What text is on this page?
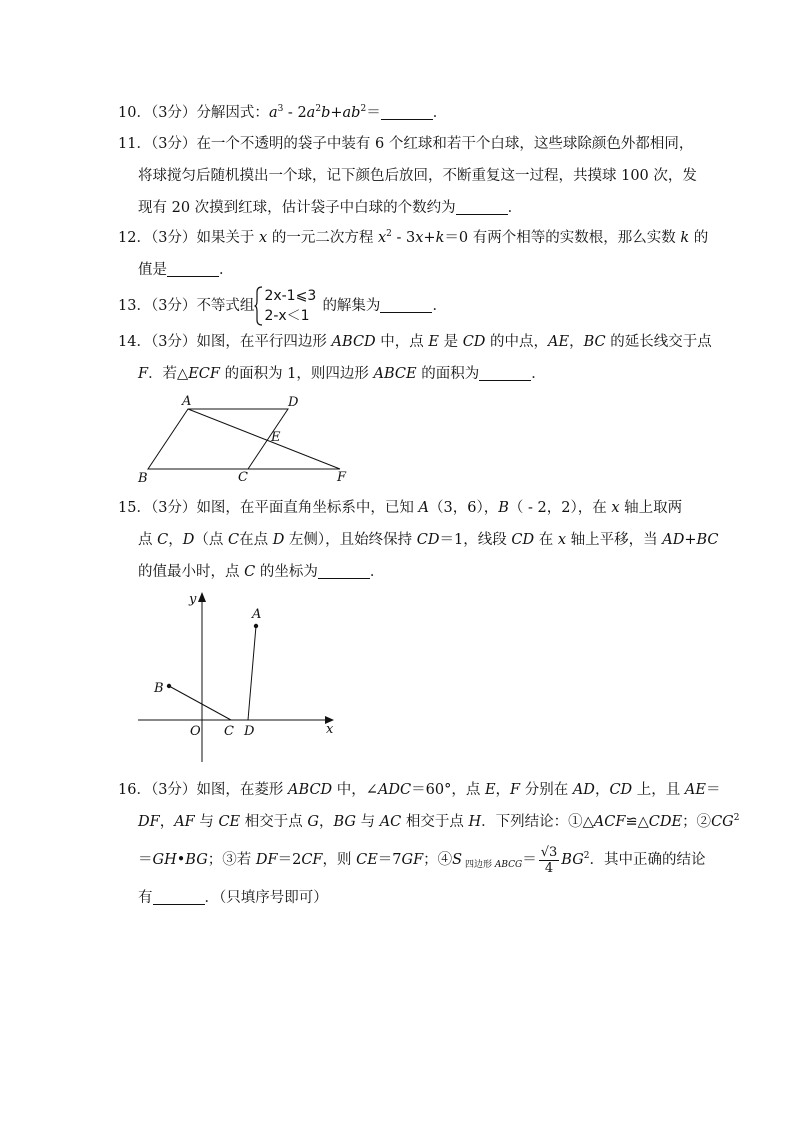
10．（3分）分解因式：$a^3 - 2a^2b+ab^2=$	．
11．（3分）在一个不透明的袋子中装有 6 个红球和若干个白球，这些球除颜色外都相同，
将球搅匀后随机摸出一个球，记下颜色后放回，不断重复这一过程，共摸球 100 次，发
现有 20 次摸到红球，估计袋子中白球的个数约为	．
12．（3分）如果关于 x 的一元二次方程 $x^2 - 3x+k=0$ 有两个相等的实数根，那么实数 k 的
值是	．
13．（3分）不等式组
2x-1⩽3
2-x＜1
的解集为	．
14．（3分）如图，在平行四边形 ABCD 中，点 E 是 CD 的中点，AE，BC 的延长线交于点
F．若△ECF 的面积为 1，则四边形 ABCE 的面积为	．
A	D
E
B	C	F
15．（3分）如图，在平面直角坐标系中，已知 A（3，6），B（ - 2，2），在 x 轴上取两
点 C，D（点 C在点 D 左侧），且始终保持 CD＝1，线段 CD 在 x 轴上平移，当 AD+BC
的值最小时，点 C 的坐标为	．
y
x
A
B
O C D
16．（3分）如图，在菱形 ABCD 中，∠ADC＝60°，点 E，F 分别在 AD，CD 上，且 AE＝
DF，AF 与 CE 相交于点 G，BG 与 AC 相交于点 H．下列结论：①△ACF≌△CDE；$②CG^2$
＝GH•BG；③若 DF＝2CF，则 CE＝7GF；④S $_{四边形}$ $_{ABCG}= \frac{√3}{4} BG^2$．其中正确的结论
有	．（只填序号即可）
